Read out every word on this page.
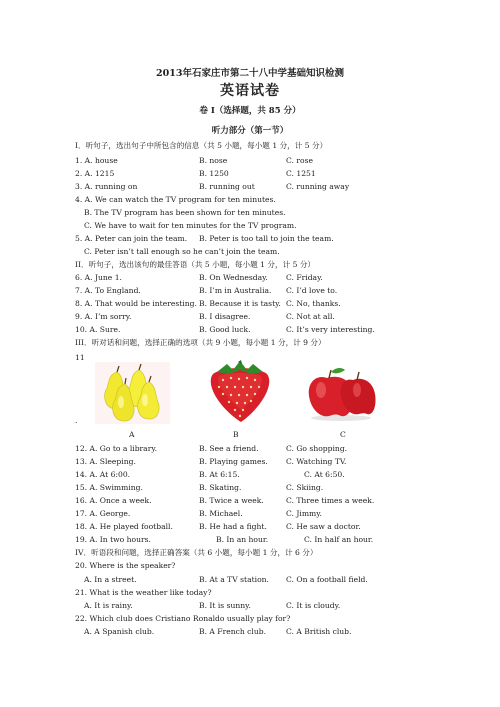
2013年石家庄市第二十八中学基础知识检测
英语试卷
卷 I（选择题，共 85 分）
听力部分（第一节）
I．听句子，选出句子中所包含的信息（共 5 小题，每小题 1 分，计 5 分）
1. A. house	B. nose	C. rose
2. A. 1215	B. 1250	C. 1251
3. A. running on	B. running out	C. running away
4. A. We can watch the TV program for ten minutes.
B. The TV program has been shown for ten minutes.
C. We have to wait for ten minutes for the TV program.
5. A. Peter can join the team. B. Peter is too tall to join the team.
C. Peter isn’t tall enough so he can’t join the team.
II．听句子，选出该句的最佳答语（共 5 小题，每小题 1 分，计 5 分）
6. A. June 1.	B. On Wednesday. C. Friday.
7. A. To England.	B. I’m in Australia. C. I’d love to.
8. A. That would be interesting. B. Because it is tasty. C. No, thanks.
9. A. I’m sorry.	B. I disagree.	C. Not at all.
10. A. Sure.	B. Good luck.	C. It’s very interesting.
III．听对话和问题，选择正确的选项（共 9 小题，每小题 1 分，计 9 分）
11
.
A	B	C
12. A. Go to a library.	B. See a friend.	C. Go shopping.
13. A. Sleeping.	B. Playing games. C. Watching TV.
14. A. At 6:00.	B. At 6:15.	C. At 6:50.
15. A. Swimming.	B. Skating.	C. Skiing.
16. A. Once a week.	B. Twice a week.	C. Three times a week.
17. A. George.	B. Michael.	C. Jimmy.
18. A. He played football.	B. He had a fight.	C. He saw a doctor.
19. A. In two hours.	B. In an hour.	C. In half an hour.
IV．听语段和问题，选择正确答案（共 6 小题，每小题 1 分，计 6 分）
20. Where is the speaker?
A. In a street.	B. At a TV station. C. On a football field.
21. What is the weather like today?
A. It is rainy.	B. It is sunny.	C. It is cloudy.
22. Which club does Cristiano Ronaldo usually play for?
A. A Spanish club.	B. A French club.	C. A British club.
